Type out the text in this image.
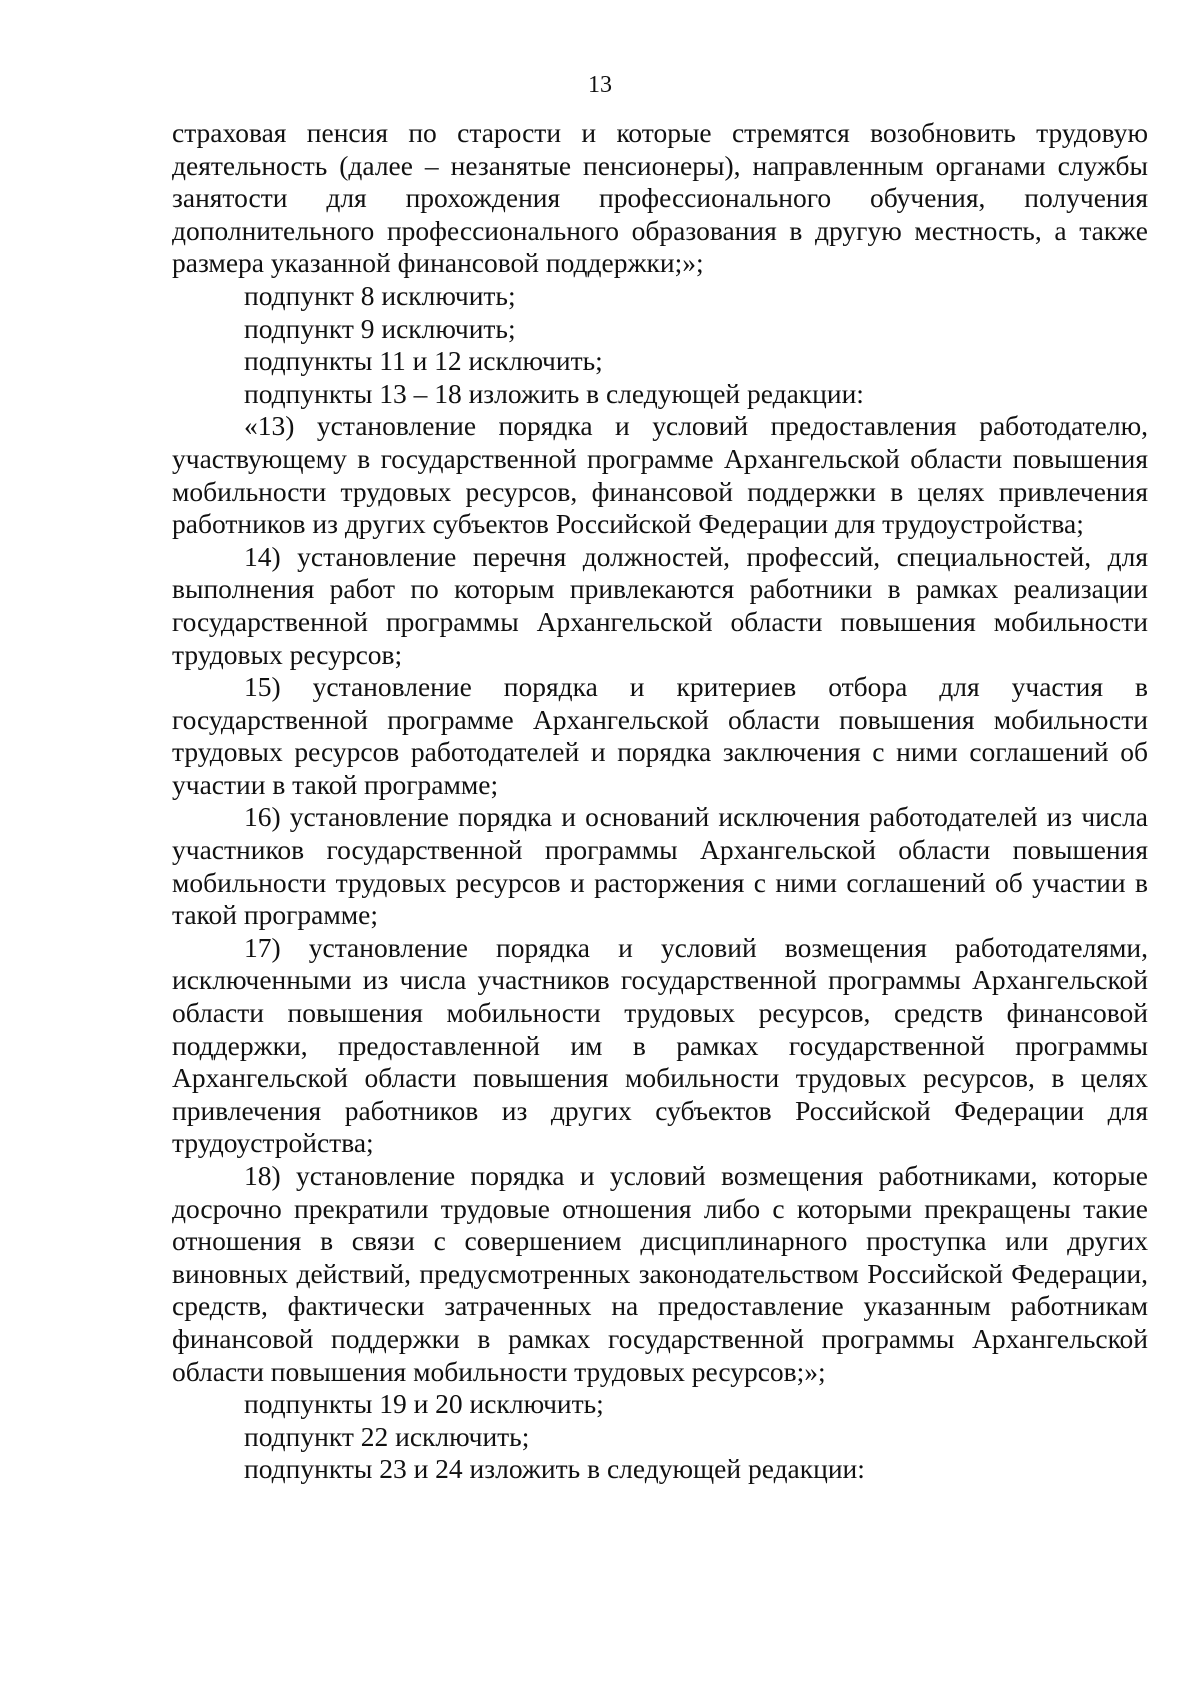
13

страховая пенсия по старости и которые стремятся возобновить трудовую деятельность (далее – незанятые пенсионеры), направленным органами службы занятости для прохождения профессионального обучения, получения дополнительного профессионального образования в другую местность, а также размера указанной финансовой поддержки;»;

подпункт 8 исключить;

подпункт 9 исключить;

подпункты 11 и 12 исключить;

подпункты 13 – 18 изложить в следующей редакции:

«13) установление порядка и условий предоставления работодателю, участвующему в государственной программе Архангельской области повышения мобильности трудовых ресурсов, финансовой поддержки в целях привлечения работников из других субъектов Российской Федерации для трудоустройства;

14) установление перечня должностей, профессий, специальностей, для выполнения работ по которым привлекаются работники в рамках реализации государственной программы Архангельской области повышения мобильности трудовых ресурсов;

15) установление порядка и критериев отбора для участия в государственной программе Архангельской области повышения мобильности трудовых ресурсов работодателей и порядка заключения с ними соглашений об участии в такой программе;

16) установление порядка и оснований исключения работодателей из числа участников государственной программы Архангельской области повышения мобильности трудовых ресурсов и расторжения с ними соглашений об участии в такой программе;

17) установление порядка и условий возмещения работодателями, исключенными из числа участников государственной программы Архангельской области повышения мобильности трудовых ресурсов, средств финансовой поддержки, предоставленной им в рамках государственной программы Архангельской области повышения мобильности трудовых ресурсов, в целях привлечения работников из других субъектов Российской Федерации для трудоустройства;

18) установление порядка и условий возмещения работниками, которые досрочно прекратили трудовые отношения либо с которыми прекращены такие отношения в связи с совершением дисциплинарного проступка или других виновных действий, предусмотренных законодательством Российской Федерации, средств, фактически затраченных на предоставление указанным работникам финансовой поддержки в рамках государственной программы Архангельской области повышения мобильности трудовых ресурсов;»;

подпункты 19 и 20 исключить;

подпункт 22 исключить;

подпункты 23 и 24 изложить в следующей редакции:
